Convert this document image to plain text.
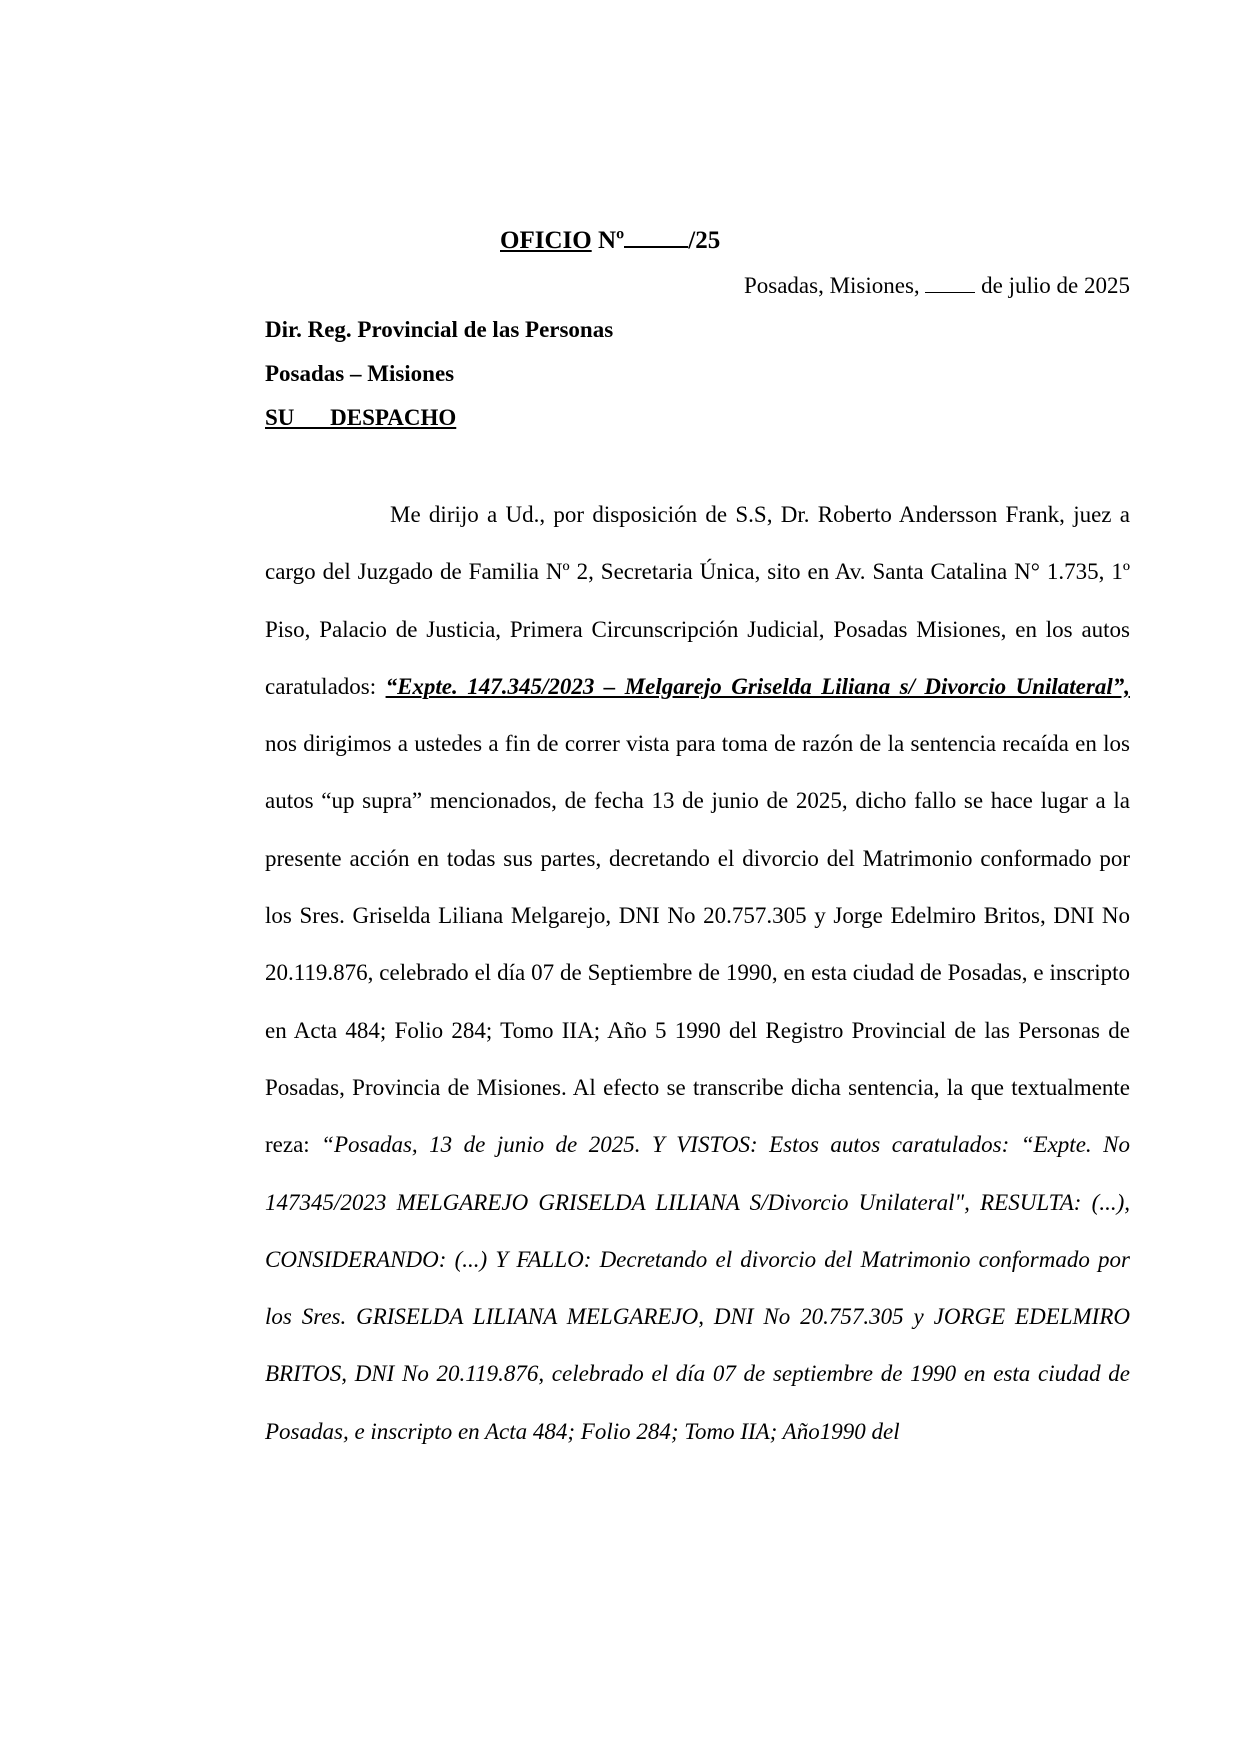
OFICIO Nº	/25
Posadas, Misiones,	de julio de 2025
Dir. Reg. Provincial de las Personas
Posadas – Misiones
SU DESPACHO

Me dirijo a Ud., por disposición de S.S, Dr. Roberto Andersson Frank, juez a cargo del Juzgado de Familia Nº 2, Secretaria Única, sito en Av. Santa Catalina N° 1.735, 1º Piso, Palacio de Justicia, Primera Circunscripción Judicial, Posadas Misiones, en los autos caratulados: “Expte. 147.345/2023 – Melgarejo Griselda Liliana s/ Divorcio Unilateral”, nos dirigimos a ustedes a fin de correr vista para toma de razón de la sentencia recaída en los autos “up supra” mencionados, de fecha 13 de junio de 2025, dicho fallo se hace lugar a la presente acción en todas sus partes, decretando el divorcio del Matrimonio conformado por los Sres. Griselda Liliana Melgarejo, DNI No 20.757.305 y Jorge Edelmiro Britos, DNI No 20.119.876, celebrado el día 07 de Septiembre de 1990, en esta ciudad de Posadas, e inscripto en Acta 484; Folio 284; Tomo IIA; Año 5 1990 del Registro Provincial de las Personas de Posadas, Provincia de Misiones. Al efecto se transcribe dicha sentencia, la que textualmente reza: “Posadas, 13 de junio de 2025. Y VISTOS: Estos autos caratulados: “Expte. No 147345/2023 MELGAREJO GRISELDA LILIANA S/Divorcio Unilateral", RESULTA: (...), CONSIDERANDO: (...) Y FALLO: Decretando el divorcio del Matrimonio conformado por los Sres. GRISELDA LILIANA MELGAREJO, DNI No 20.757.305 y JORGE EDELMIRO BRITOS, DNI No 20.119.876, celebrado el día 07 de septiembre de 1990 en esta ciudad de Posadas, e inscripto en Acta 484; Folio 284; Tomo IIA; Año1990 del
